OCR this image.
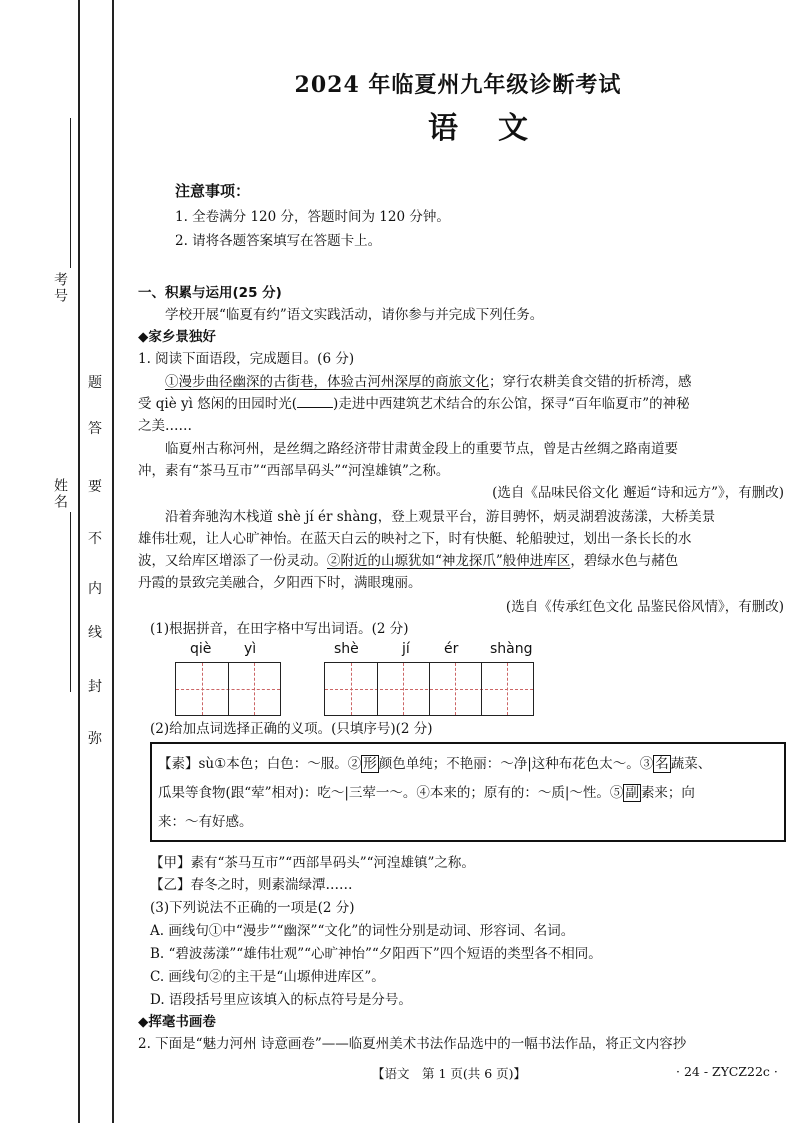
考号
姓名
弥
封
线
内
不
要
答
题
2024 年临夏州九年级诊断考试
语文
注意事项：
1. 全卷满分 120 分，答题时间为 120 分钟。
2. 请将各题答案填写在答题卡上。
一、积累与运用(25 分)
学校开展“临夏有约”语文实践活动，请你参与并完成下列任务。
◆家乡景独好
1. 阅读下面语段，完成题目。(6 分)
①漫步曲径幽深的古街巷，体验古河州深厚的商旅文化；穿行农耕美食交错的折桥湾，感
受 qiè yì 悠闲的田园时光(	)走进中西建筑艺术结合的东公馆，探寻“百年临夏市”的神秘
之美……
临夏州古称河州，是丝绸之路经济带甘肃黄金段上的重要节点，曾是古丝绸之路南道要
冲，素有“茶马互市”“西部旱码头”“河湟雄镇”之称。
(选自《品味民俗文化 邂逅“诗和远方”》，有删改)
沿着奔驰沟木栈道 shè jí ér shàng，登上观景平台，游目骋怀，炳灵湖碧波荡漾，大桥美景
雄伟壮观，让人心旷神怡。在蓝天白云的映衬之下，时有快艇、轮船驶过，划出一条长长的水
波，又给库区增添了一份灵动。②附近的山塬犹如“神龙探爪”般伸进库区，碧绿水色与赭色
丹霞的景致完美融合，夕阳西下时，满眼瑰丽。
(选自《传承红色文化 品鉴民俗风情》，有删改)
(1)根据拼音，在田字格中写出词语。(2 分)
qiè yì	shè	jí ér shàng
(2)给加点词选择正确的义项。(只填序号)(2 分)
【素】sù①本色；白色：～服。② 形 颜色单纯；不艳丽：～净|这种布花色太～。③ 名 蔬菜、
瓜果等食物(跟“荤”相对)：吃～|三荤一～。④本来的；原有的：～质|～性。⑤ 副 素来；向
来：～有好感。
【甲】素有“茶马互市”“西部旱码头”“河湟雄镇”之称。
【乙】春冬之时，则素湍绿潭……
(3)下列说法不正确的一项是(2 分)
A. 画线句①中“漫步”“幽深”“文化”的词性分别是动词、形容词、名词。
B. “碧波荡漾”“雄伟壮观”“心旷神怡”“夕阳西下”四个短语的类型各不相同。
C. 画线句②的主干是“山塬伸进库区”。
D. 语段括号里应该填入的标点符号是分号。
◆挥毫书画卷
2. 下面是“魅力河州 诗意画卷”——临夏州美术书法作品选中的一幅书法作品，将正文内容抄
【语文　第 1 页(共 6 页)】	· 24 - ZYCZ22c ·
